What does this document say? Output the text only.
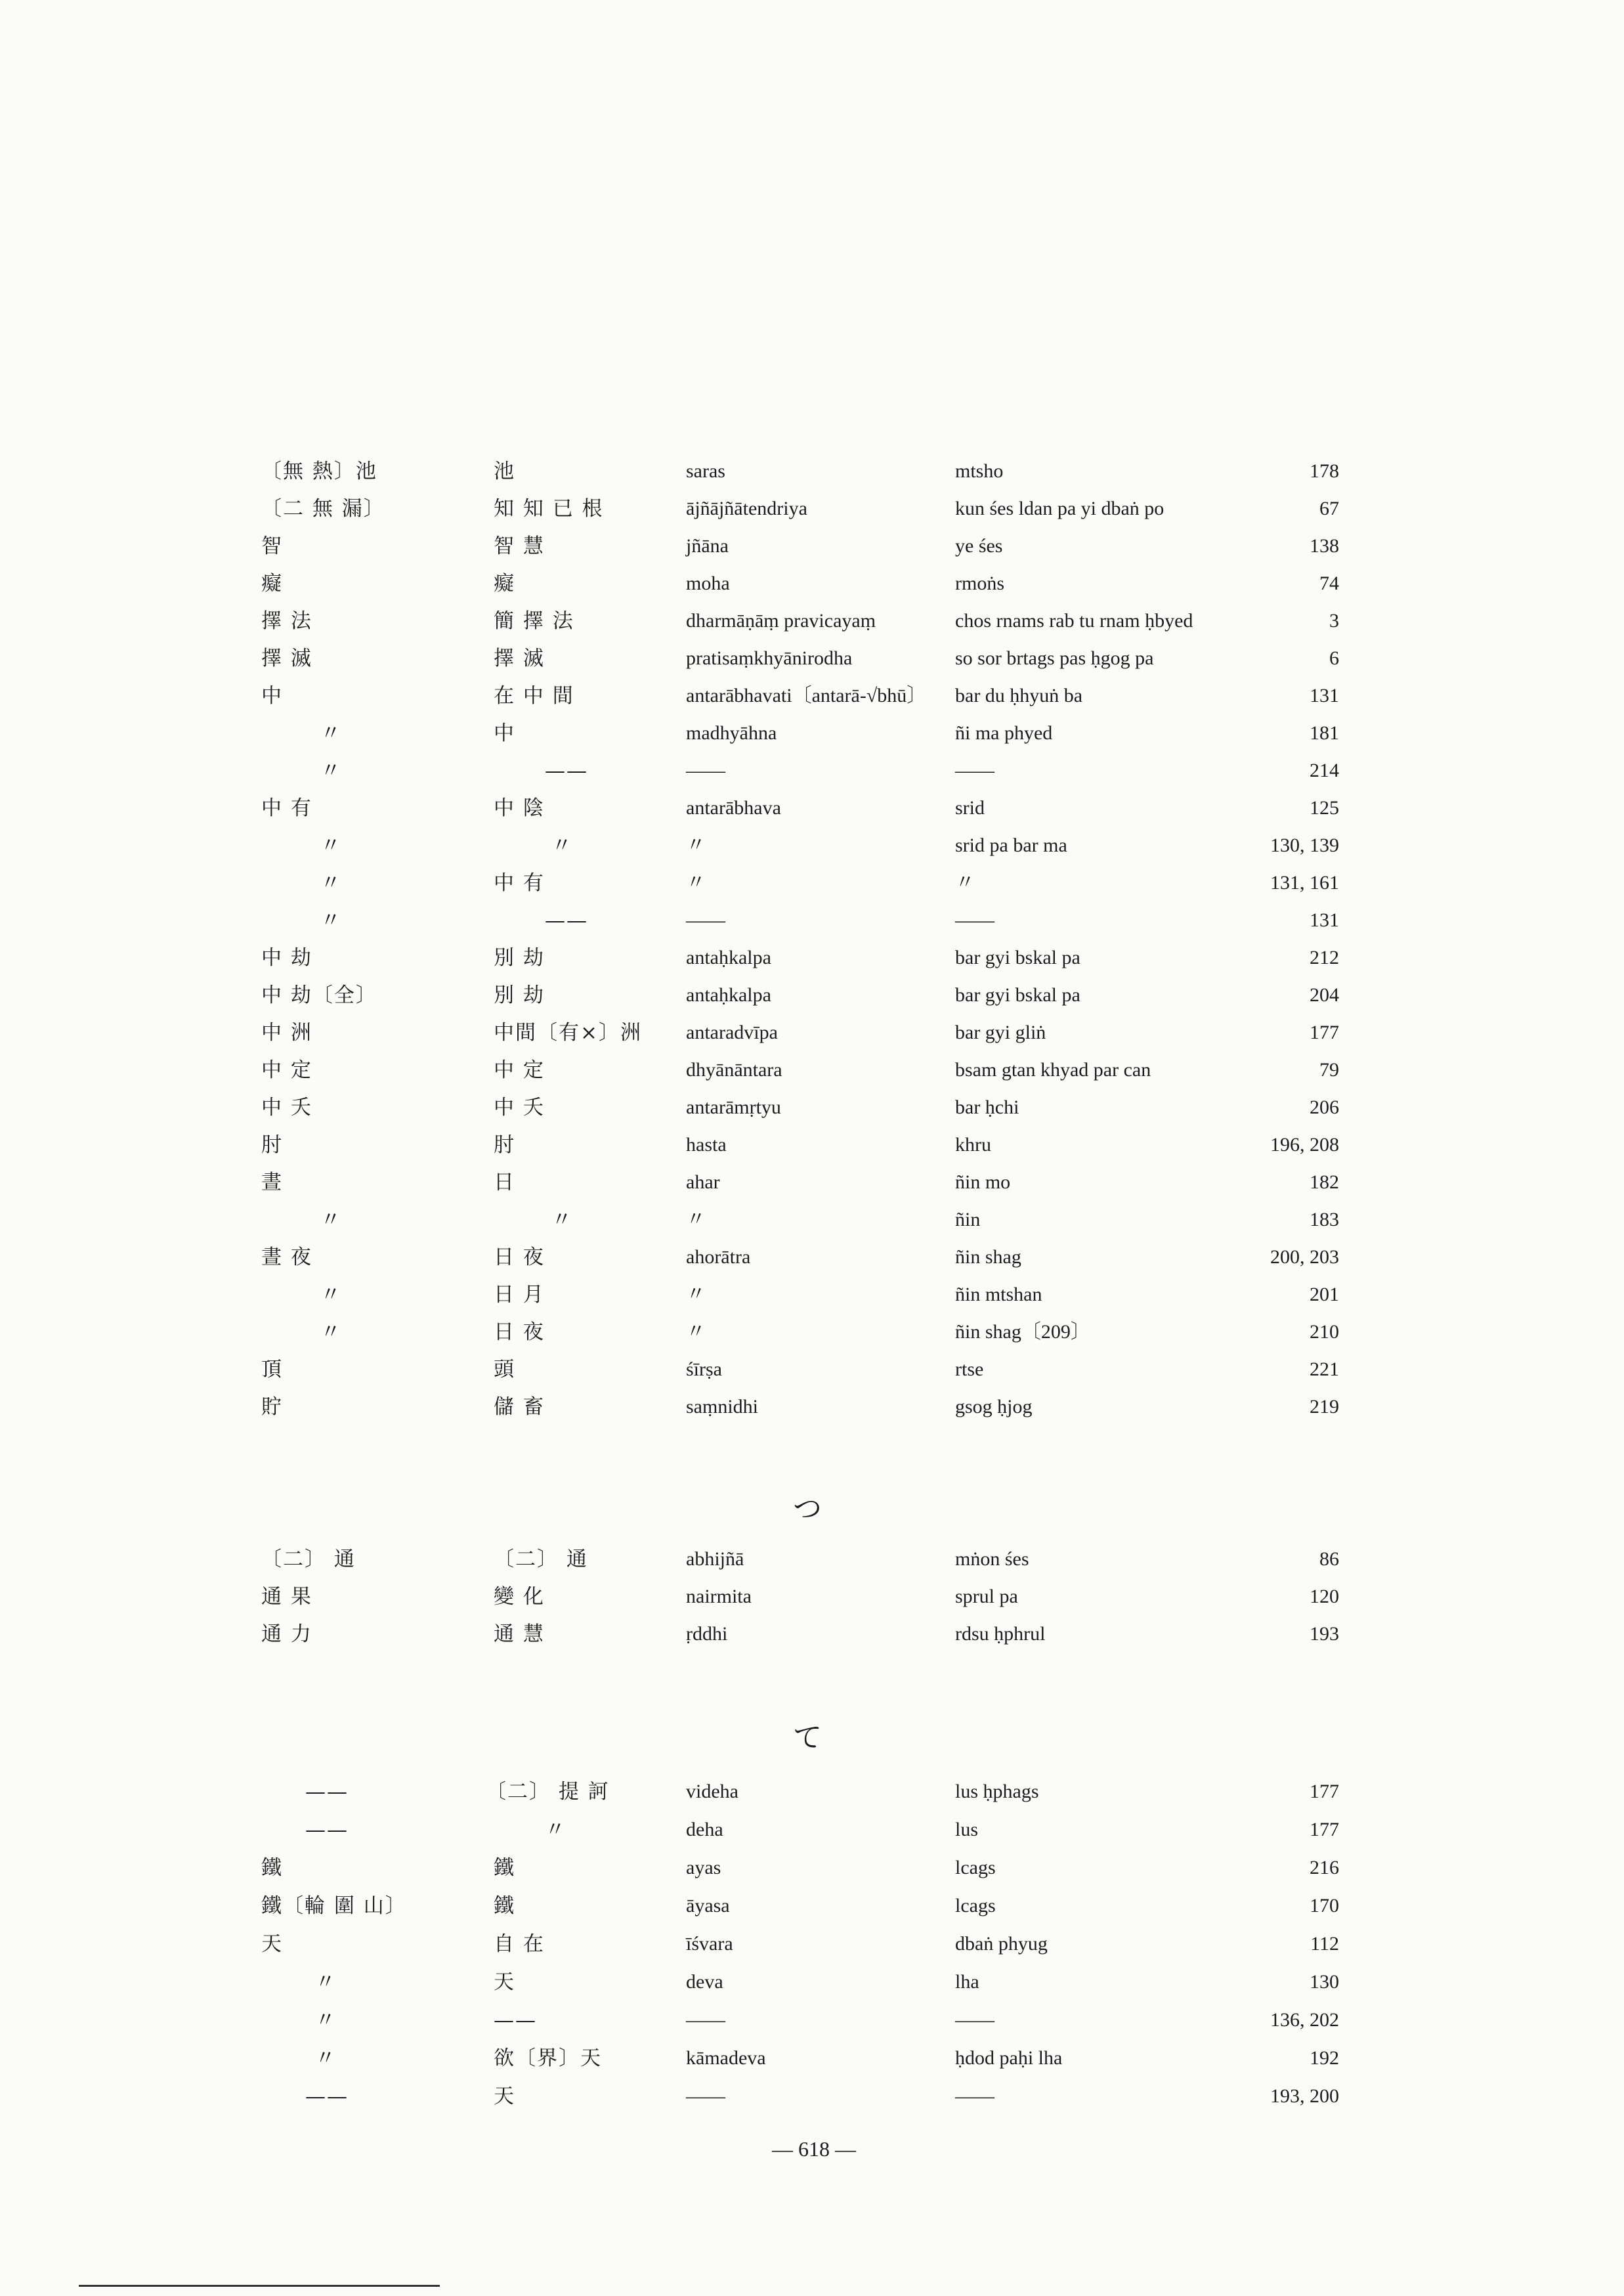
〔無 熱〕池	池	saras	mtsho	178
〔二 無 漏〕	知 知 已 根	ājñājñātendriya	kun śes ldan pa yi dbaṅ po	67
智	智 慧	jñāna	ye śes	138
癡	癡	moha	rmoṅs	74
擇 法	簡 擇 法	dharmāṇāṃ pravicayaṃ	chos rnams rab tu rnam ḥbyed	3
擇 滅	擇 滅	pratisaṃkhyānirodha	so sor brtags pas ḥgog pa	6
中	在 中 間	antarābhavati〔antarā-√bhū〕	bar du ḥhyuṅ ba	131
〃	中	madhyāhna	ñi ma phyed	181
〃	——	——	——	214
中 有	中 陰	antarābhava	srid	125
〃	〃	〃	srid pa bar ma	130, 139
〃	中 有	〃	〃	131, 161
〃	——	——	——	131
中 劫	別 劫	antaḥkalpa	bar gyi bskal pa	212
中 劫〔全〕	別 劫	antaḥkalpa	bar gyi bskal pa	204
中 洲	中間〔有×〕洲 antaradvīpa	bar gyi gliṅ	177
中 定	中 定	dhyānāntara	bsam gtan khyad par can	79
中 夭	中 夭	antarāmṛtyu	bar ḥchi	206
肘	肘	hasta	khru	196, 208
晝	日	ahar	ñin mo	182
〃	〃	〃	ñin	183
晝 夜	日 夜	ahorātra	ñin shag	200, 203
〃	日 月	〃	ñin mtshan	201
〃	日 夜	〃	ñin shag〔209〕	210
頂	頭	śīrṣa	rtse	221
貯	儲 畜	saṃnidhi	gsog ḥjog	219
つ
〔二〕 通	〔二〕 通	abhijñā	mṅon śes	86
通 果	變 化	nairmita	sprul pa	120
通 力	通 慧	ṛddhi	rdsu ḥphrul	193
て
——	〔二〕 提 訶	videha	lus ḥphags	177
——	〃	deha	lus	177
鐵	鐵	ayas	lcags	216
鐵〔輪 圍 山〕	鐵	āyasa	lcags	170
天	自 在	īśvara	dbaṅ phyug	112
〃	天	deva	lha	130
〃	——	——	——	136, 202
〃	欲〔界〕天	kāmadeva	ḥdod paḥi lha	192
——	天	——	——	193, 200
— 618 —
